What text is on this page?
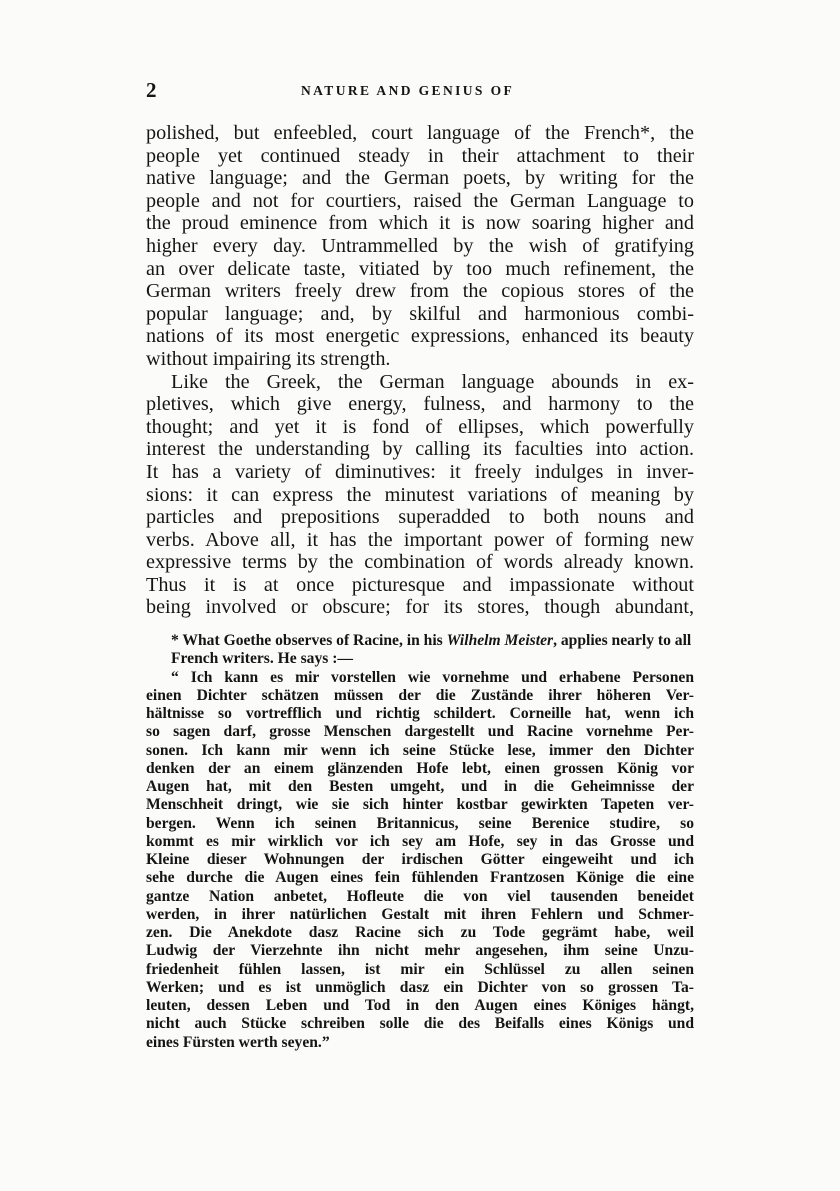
2	NATURE AND GENIUS OF

polished, but enfeebled, court language of the French*, the
people yet continued steady in their attachment to their
native language; and the German poets, by writing for the
people and not for courtiers, raised the German Language to
the proud eminence from which it is now soaring higher and
higher every day. Untrammelled by the wish of gratifying
an over delicate taste, vitiated by too much refinement, the
German writers freely drew from the copious stores of the
popular language; and, by skilful and harmonious combi-
nations of its most energetic expressions, enhanced its beauty
without impairing its strength.

Like the Greek, the German language abounds in ex-
pletives, which give energy, fulness, and harmony to the
thought; and yet it is fond of ellipses, which powerfully
interest the understanding by calling its faculties into action.
It has a variety of diminutives: it freely indulges in inver-
sions: it can express the minutest variations of meaning by
particles and prepositions superadded to both nouns and
verbs. Above all, it has the important power of forming new
expressive terms by the combination of words already known.
Thus it is at once picturesque and impassionate without
being involved or obscure; for its stores, though abundant,

* What Goethe observes of Racine, in his Wilhelm Meister, applies nearly to all French writers. He says :—

“ Ich kann es mir vorstellen wie vornehme und erhabene Personen
einen Dichter schätzen müssen der die Zustände ihrer höheren Ver-
hältnisse so vortrefflich und richtig schildert. Corneille hat, wenn ich
so sagen darf, grosse Menschen dargestellt und Racine vornehme Per-
sonen. Ich kann mir wenn ich seine Stücke lese, immer den Dichter
denken der an einem glänzenden Hofe lebt, einen grossen König vor
Augen hat, mit den Besten umgeht, und in die Geheimnisse der
Menschheit dringt, wie sie sich hinter kostbar gewirkten Tapeten ver-
bergen. Wenn ich seinen Britannicus, seine Berenice studire, so
kommt es mir wirklich vor ich sey am Hofe, sey in das Grosse und
Kleine dieser Wohnungen der irdischen Götter eingeweiht und ich
sehe durche die Augen eines fein fühlenden Frantzosen Könige die eine
gantze Nation anbetet, Hofleute die von viel tausenden beneidet
werden, in ihrer natürlichen Gestalt mit ihren Fehlern und Schmer-
zen. Die Anekdote dasz Racine sich zu Tode gegrämt habe, weil
Ludwig der Vierzehnte ihn nicht mehr angesehen, ihm seine Unzu-
friedenheit fühlen lassen, ist mir ein Schlüssel zu allen seinen
Werken; und es ist unmöglich dasz ein Dichter von so grossen Ta-
leuten, dessen Leben und Tod in den Augen eines Königes hängt,
nicht auch Stücke schreiben solle die des Beifalls eines Königs und
eines Fürsten werth seyen.”
